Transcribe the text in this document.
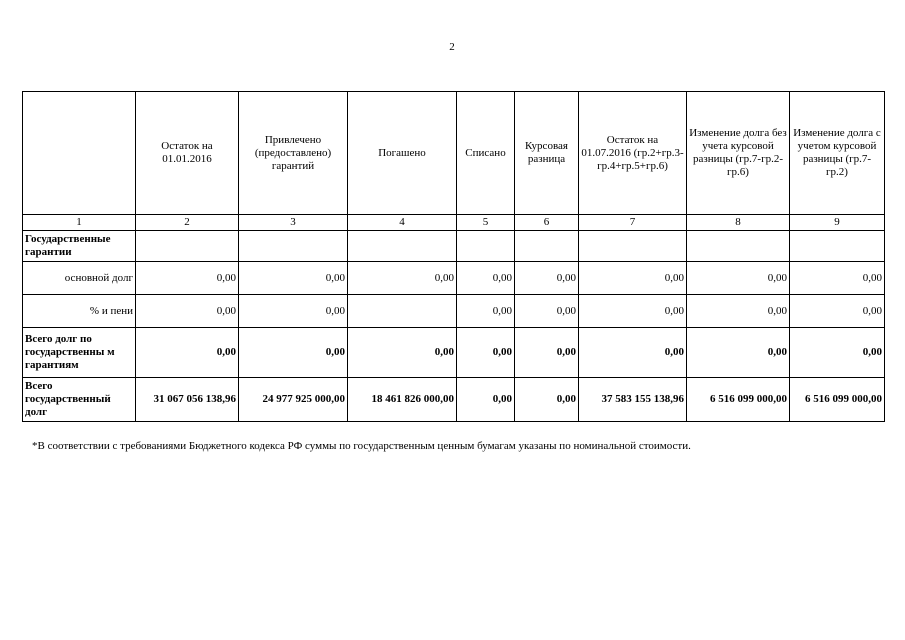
2
	Остаток на 01.01.2016	Привлечено (предоставлено) гарантий	Погашено	Списано	Курсовая разница	Остаток на 01.07.2016 (гр.2+гр.3-гр.4+гр.5+гр.6)	Изменение долга без учета курсовой разницы (гр.7-гр.2-гр.6)	Изменение долга с учетом курсовой разницы (гр.7-гр.2)
1	2	3	4	5	6	7	8	9
Государственные гарантии								
основной долг	0,00	0,00	0,00	0,00	0,00	0,00	0,00	0,00
% и пени	0,00	0,00		0,00	0,00	0,00	0,00	0,00
Всего долг по государственны м гарантиям	0,00	0,00	0,00	0,00	0,00	0,00	0,00	0,00
Всего государственный долг	31 067 056 138,96	24 977 925 000,00	18 461 826 000,00	0,00	0,00	37 583 155 138,96	6 516 099 000,00	6 516 099 000,00
*В соответствии с требованиями Бюджетного кодекса РФ суммы по государственным ценным бумагам указаны по номинальной стоимости.
